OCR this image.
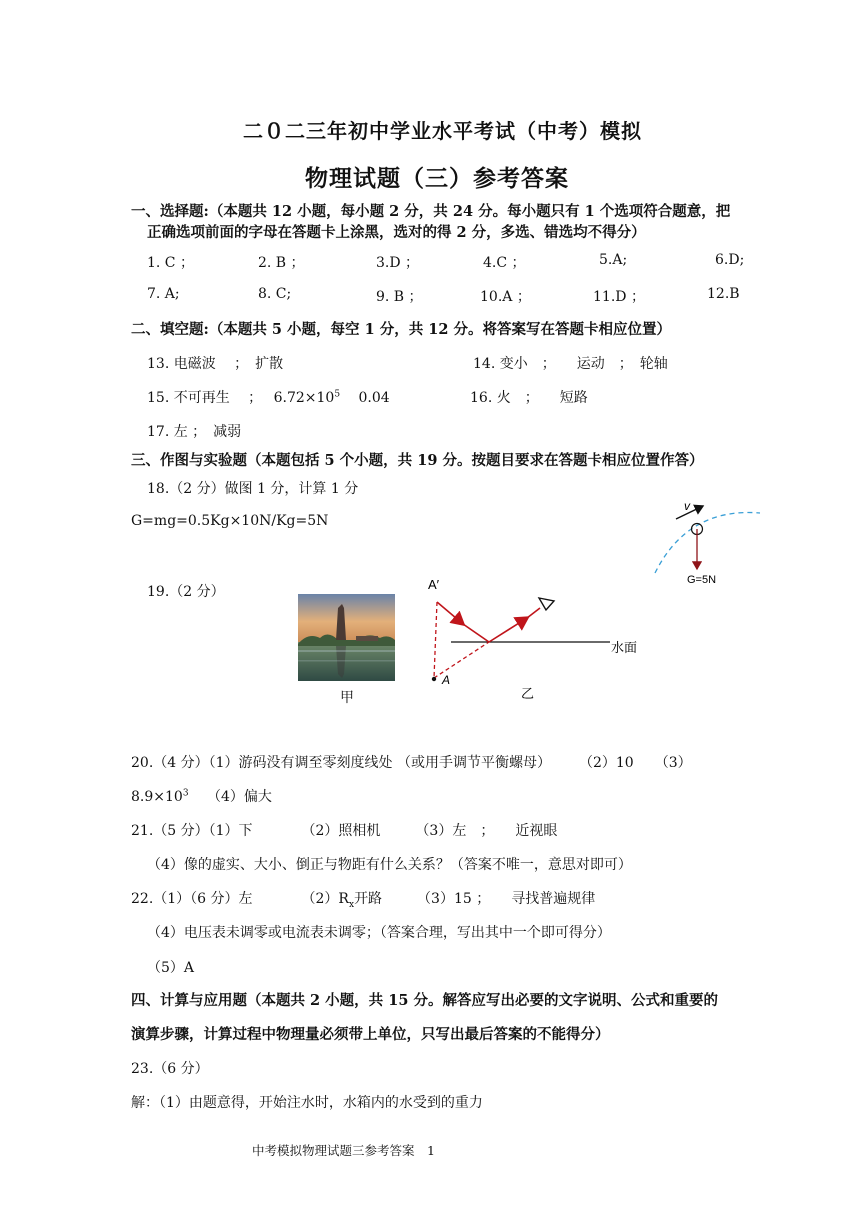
二０二三年初中学业水平考试（中考）模拟
物理试题（三）参考答案
一、选择题:（本题共 12 小题，每小题 2 分，共 24 分。每小题只有 1 个选项符合题意，把
正确选项前面的字母在答题卡上涂黑，选对的得 2 分，多选、错选均不得分）
1. C ；	2. B ；	3.D ；	4.C ；	5.A;	6.D;
7. A;	8. C;	9. B ；	10.A ；	11.D ；	12.B
二、填空题:（本题共 5 小题，每空 1 分，共 12 分。将答案写在答题卡相应位置）
13. 电磁波　 ；　扩散	14. 变小　；　　运动　；　轮轴
15. 不可再生　 ；　 $6.72\times 10^5$　 0.04	16. 火　；　　短路
17. 左 ；　减弱
三、作图与实验题（本题包括 5 个小题，共 19 分。按题目要求在答题卡相应位置作答）
18.（2 分）做图 1 分，计算 1 分
G=mg=0.5Kg×10N/Kg=5N
v
G=5N
19.（2 分）
甲
A′
水面
A
乙
20.（4 分）（1）游码没有调至零刻度线处 （或用手调节平衡螺母）　　　（2）10　　（3）
$8.9\times 10^3$　 （4）偏大
21.（5 分）（1）下　　　　（2）照相机　　　（3）左　；　　近视眼
（4）像的虚实、大小、倒正与物距有什么关系？（答案不唯一，意思对即可）
22.（1）（6 分）左　　　　$(2)R_x$开路　　　（3）15 ；　　寻找普遍规律
（4）电压表未调零或电流表未调零；（答案合理，写出其中一个即可得分）
（5）A
四、计算与应用题（本题共 2 小题，共 15 分。解答应写出必要的文字说明、公式和重要的
演算步骤，计算过程中物理量必须带上单位，只写出最后答案的不能得分）
23.（6 分）
解：（1）由题意得，开始注水时，水箱内的水受到的重力
中考模拟物理试题三参考答案　1
